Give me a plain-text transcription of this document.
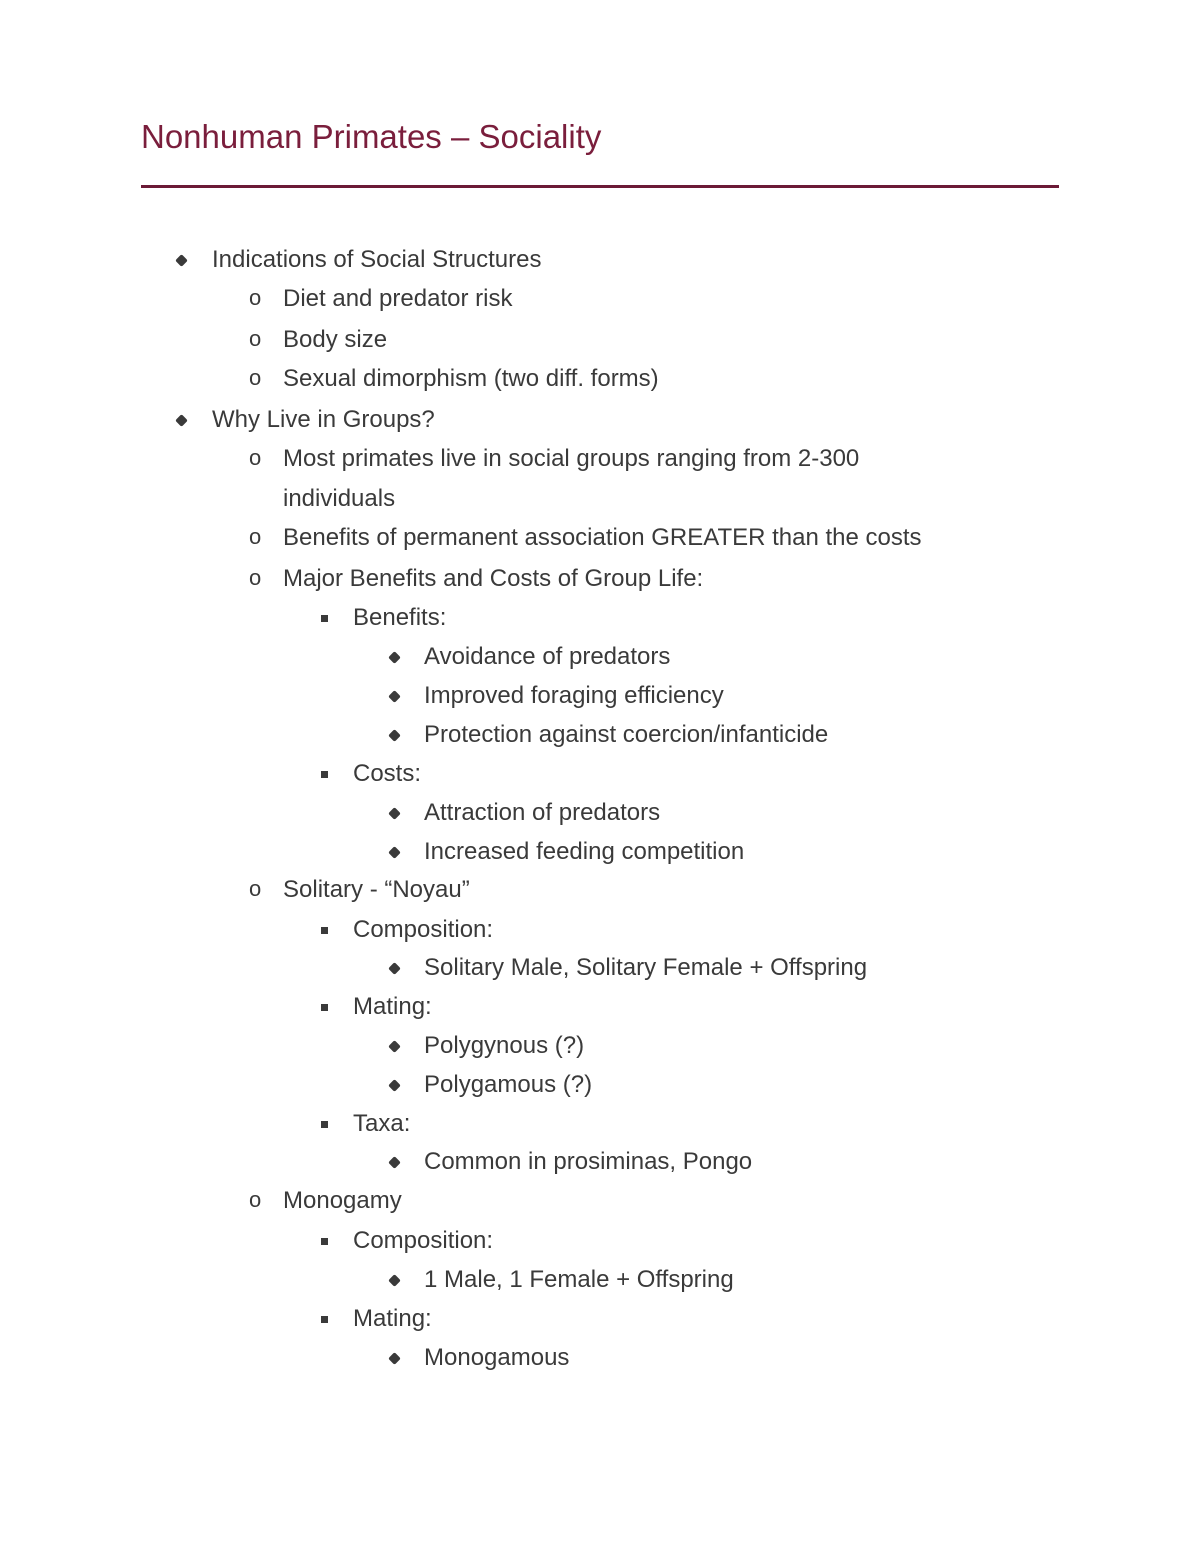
Nonhuman Primates – Sociality
Indications of Social Structures
o Diet and predator risk
o Body size
o Sexual dimorphism (two diff. forms)
Why Live in Groups?
o Most primates live in social groups ranging from 2-300
individuals
o Benefits of permanent association GREATER than the costs
o Major Benefits and Costs of Group Life:
Benefits:
Avoidance of predators
Improved foraging efficiency
Protection against coercion/infanticide
Costs:
Attraction of predators
Increased feeding competition
o Solitary - “Noyau”
Composition:
Solitary Male, Solitary Female + Offspring
Mating:
Polygynous (?)
Polygamous (?)
Taxa:
Common in prosiminas, Pongo
o Monogamy
Composition:
1 Male, 1 Female + Offspring
Mating:
Monogamous
